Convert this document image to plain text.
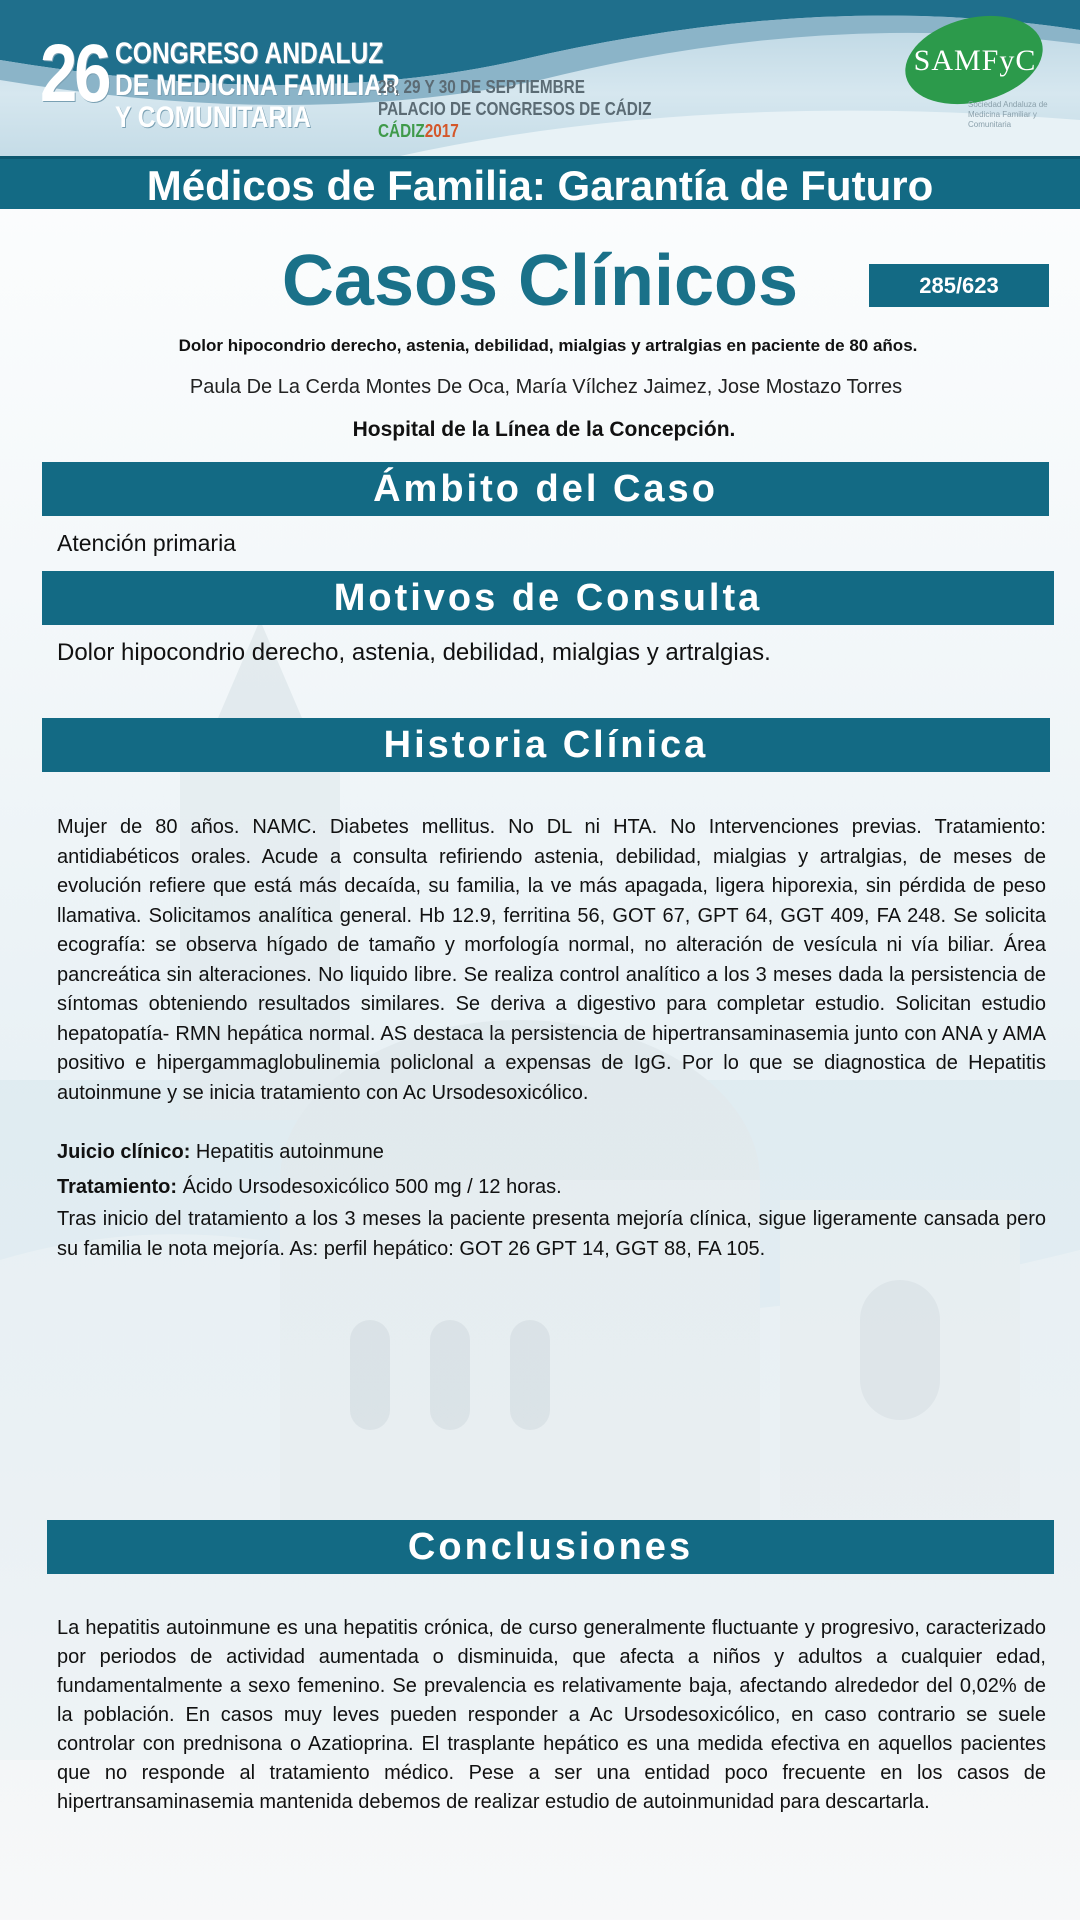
26 CONGRESO ANDALUZ
DE MEDICINA FAMILIAR
Y COMUNITARIA
28, 29 Y 30 DE SEPTIEMBRE
PALACIO DE CONGRESOS DE CÁDIZ
CÁDIZ2017
SAMFyC
Sociedad Andaluza de Medicina Familiar y Comunitaria
Médicos de Familia: Garantía de Futuro
Casos Clínicos	285/623
Dolor hipocondrio derecho, astenia, debilidad, mialgias y artralgias en paciente de 80 años.
Paula De La Cerda Montes De Oca, María Vílchez Jaimez, Jose Mostazo Torres
Hospital de la Línea de la Concepción.
Ámbito del Caso
Atención primaria
Motivos de Consulta
Dolor hipocondrio derecho, astenia, debilidad, mialgias y artralgias.
Historia Clínica
Mujer de 80 años. NAMC. Diabetes mellitus. No DL ni HTA. No Intervenciones previas. Tratamiento: antidiabéticos orales. Acude a consulta refiriendo astenia, debilidad, mialgias y artralgias, de meses de evolución refiere que está más decaída, su familia, la ve más apagada, ligera hiporexia, sin pérdida de peso llamativa. Solicitamos analítica general. Hb 12.9, ferritina 56, GOT 67, GPT 64, GGT 409, FA 248. Se solicita ecografía: se observa hígado de tamaño y morfología normal, no alteración de vesícula ni vía biliar. Área pancreática sin alteraciones. No liquido libre. Se realiza control analítico a los 3 meses dada la persistencia de síntomas obteniendo resultados similares. Se deriva a digestivo para completar estudio. Solicitan estudio hepatopatía- RMN hepática normal. AS destaca la persistencia de hipertransaminasemia junto con ANA y AMA positivo e hipergammaglobulinemia policlonal a expensas de IgG. Por lo que se diagnostica de Hepatitis autoinmune y se inicia tratamiento con Ac Ursodesoxicólico.
Juicio clínico: Hepatitis autoinmune
Tratamiento: Ácido Ursodesoxicólico 500 mg / 12 horas.
Tras inicio del tratamiento a los 3 meses la paciente presenta mejoría clínica, sigue ligeramente cansada pero su familia le nota mejoría. As: perfil hepático: GOT 26 GPT 14, GGT 88, FA 105.
Conclusiones
La hepatitis autoinmune es una hepatitis crónica, de curso generalmente fluctuante y progresivo, caracterizado por periodos de actividad aumentada o disminuida, que afecta a niños y adultos a cualquier edad, fundamentalmente a sexo femenino. Se prevalencia es relativamente baja, afectando alrededor del 0,02% de la población. En casos muy leves pueden responder a Ac Ursodesoxicólico, en caso contrario se suele controlar con prednisona o Azatioprina. El trasplante hepático es una medida efectiva en aquellos pacientes que no responde al tratamiento médico. Pese a ser una entidad poco frecuente en los casos de hipertransaminasemia mantenida debemos de realizar estudio de autoinmunidad para descartarla.
